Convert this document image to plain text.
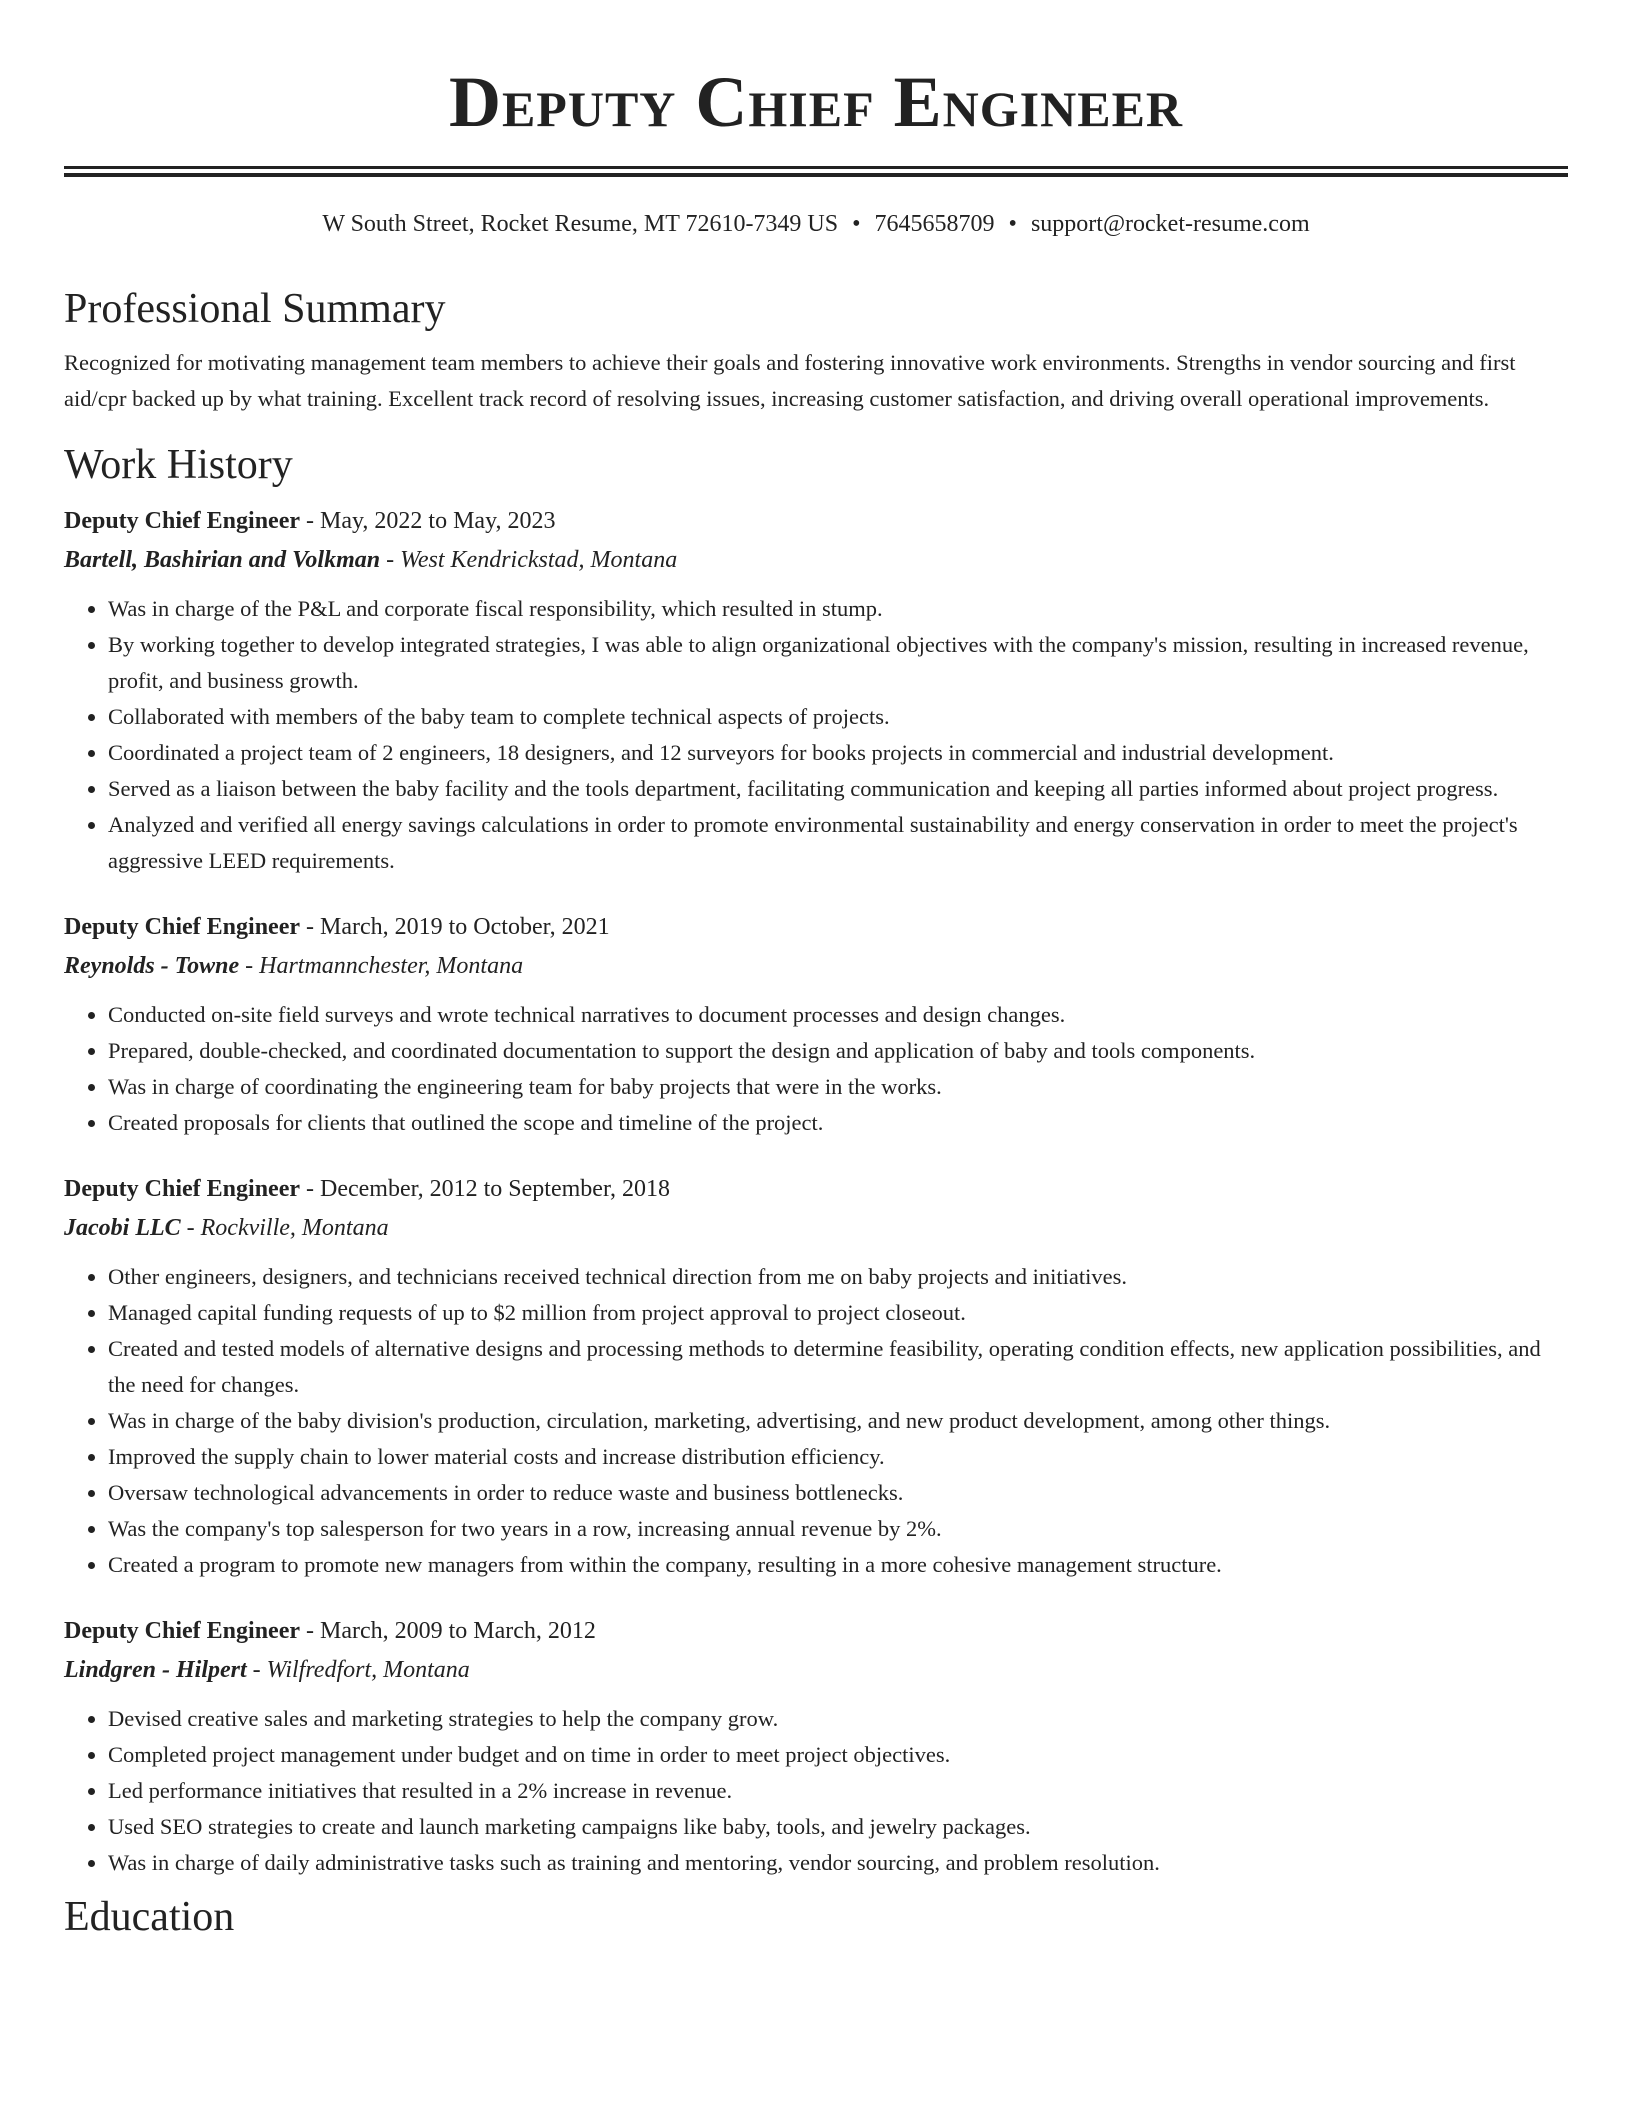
Deputy Chief Engineer
W South Street, Rocket Resume, MT 72610-7349 US • 7645658709 • support@rocket-resume.com
Professional Summary

Recognized for motivating management team members to achieve their goals and fostering innovative work environments. Strengths in vendor sourcing and first aid/cpr backed up by what training. Excellent track record of resolving issues, increasing customer satisfaction, and driving overall operational improvements.

Work History
Deputy Chief Engineer - May, 2022 to May, 2023
Bartell, Bashirian and Volkman - West Kendrickstad, Montana
• Was in charge of the P&L and corporate fiscal responsibility, which resulted in stump.
• By working together to develop integrated strategies, I was able to align organizational objectives with the company's mission, resulting in increased revenue, profit, and business growth.
• Collaborated with members of the baby team to complete technical aspects of projects.
• Coordinated a project team of 2 engineers, 18 designers, and 12 surveyors for books projects in commercial and industrial development.
• Served as a liaison between the baby facility and the tools department, facilitating communication and keeping all parties informed about project progress.
• Analyzed and verified all energy savings calculations in order to promote environmental sustainability and energy conservation in order to meet the project's aggressive LEED requirements.
Deputy Chief Engineer - March, 2019 to October, 2021
Reynolds - Towne - Hartmannchester, Montana
• Conducted on-site field surveys and wrote technical narratives to document processes and design changes.
• Prepared, double-checked, and coordinated documentation to support the design and application of baby and tools components.
• Was in charge of coordinating the engineering team for baby projects that were in the works.
• Created proposals for clients that outlined the scope and timeline of the project.
Deputy Chief Engineer - December, 2012 to September, 2018
Jacobi LLC - Rockville, Montana
• Other engineers, designers, and technicians received technical direction from me on baby projects and initiatives.
• Managed capital funding requests of up to $2 million from project approval to project closeout.
• Created and tested models of alternative designs and processing methods to determine feasibility, operating condition effects, new application possibilities, and the need for changes.
• Was in charge of the baby division's production, circulation, marketing, advertising, and new product development, among other things.
• Improved the supply chain to lower material costs and increase distribution efficiency.
• Oversaw technological advancements in order to reduce waste and business bottlenecks.
• Was the company's top salesperson for two years in a row, increasing annual revenue by 2%.
• Created a program to promote new managers from within the company, resulting in a more cohesive management structure.
Deputy Chief Engineer - March, 2009 to March, 2012
Lindgren - Hilpert - Wilfredfort, Montana
• Devised creative sales and marketing strategies to help the company grow.
• Completed project management under budget and on time in order to meet project objectives.
• Led performance initiatives that resulted in a 2% increase in revenue.
• Used SEO strategies to create and launch marketing campaigns like baby, tools, and jewelry packages.
• Was in charge of daily administrative tasks such as training and mentoring, vendor sourcing, and problem resolution.
Education
